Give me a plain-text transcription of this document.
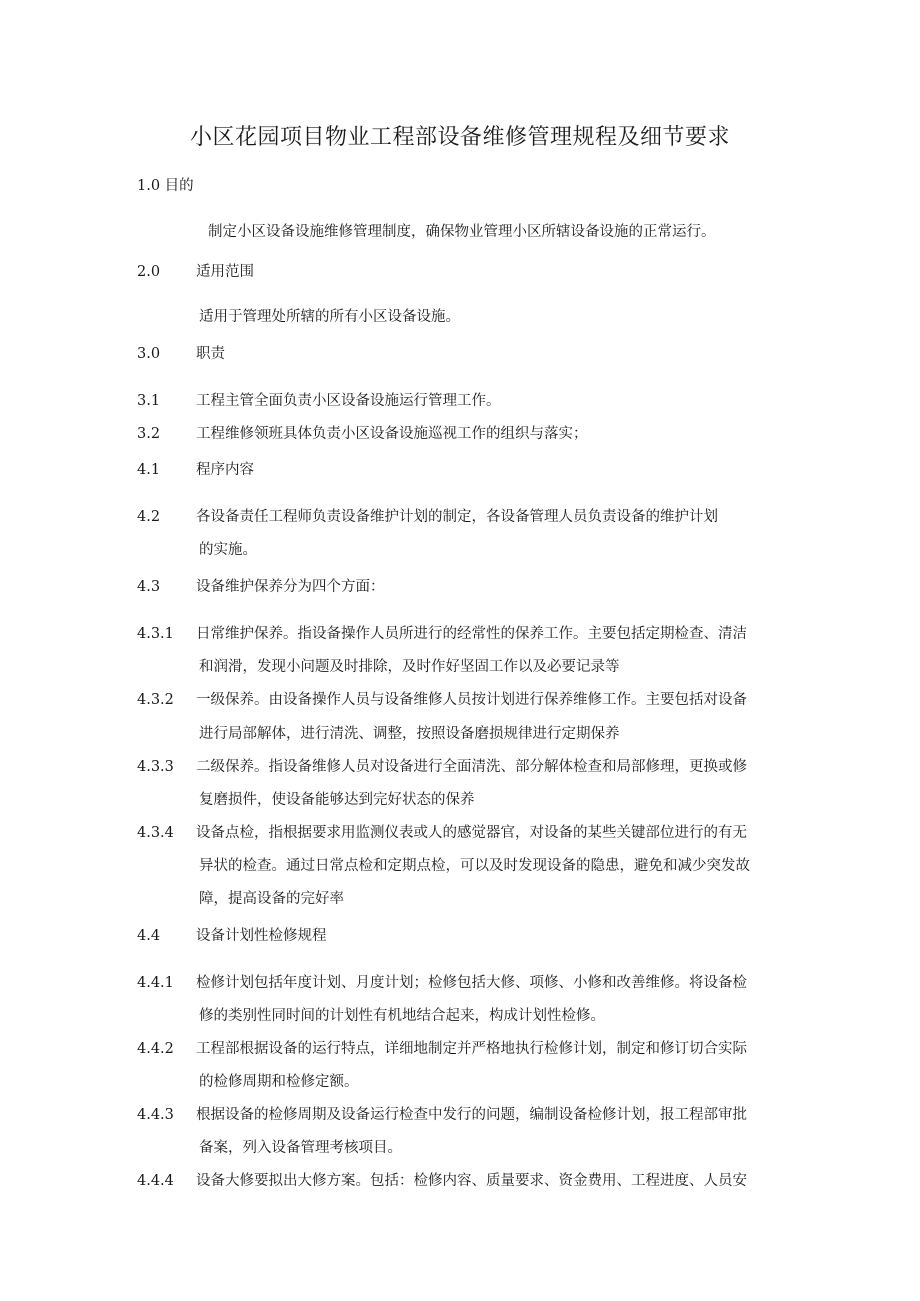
小区花园项目物业工程部设备维修管理规程及细节要求
1.0 目的
制定小区设备设施维修管理制度，确保物业管理小区所辖设备设施的正常运行。
2.0 适用范围
适用于管理处所辖的所有小区设备设施。
3.0 职责
3.1 工程主管全面负责小区设备设施运行管理工作。
3.2 工程维修领班具体负责小区设备设施巡视工作的组织与落实；
4.1 程序内容
4.2 各设备责任工程师负责设备维护计划的制定，各设备管理人员负责设备的维护计划
的实施。
4.3 设备维护保养分为四个方面：
4.3.1 日常维护保养。指设备操作人员所进行的经常性的保养工作。主要包括定期检查、清洁
和润滑，发现小问题及时排除，及时作好坚固工作以及必要记录等
4.3.2 一级保养。由设备操作人员与设备维修人员按计划进行保养维修工作。主要包括对设备
进行局部解体，进行清洗、调整，按照设备磨损规律进行定期保养
4.3.3 二级保养。指设备维修人员对设备进行全面清洗、部分解体检查和局部修理，更换或修
复磨损件，使设备能够达到完好状态的保养
4.3.4 设备点检，指根据要求用监测仪表或人的感觉器官，对设备的某些关键部位进行的有无
异状的检查。通过日常点检和定期点检，可以及时发现设备的隐患，避免和减少突发故
障，提高设备的完好率
4.4 设备计划性检修规程
4.4.1 检修计划包括年度计划、月度计划；检修包括大修、项修、小修和改善维修。将设备检
修的类别性同时间的计划性有机地结合起来，构成计划性检修。
4.4.2 工程部根据设备的运行特点，详细地制定并严格地执行检修计划，制定和修订切合实际
的检修周期和检修定额。
4.4.3 根据设备的检修周期及设备运行检查中发行的问题，编制设备检修计划，报工程部审批
备案，列入设备管理考核项目。
4.4.4 设备大修要拟出大修方案。包括：检修内容、质量要求、资金费用、工程进度、人员安
